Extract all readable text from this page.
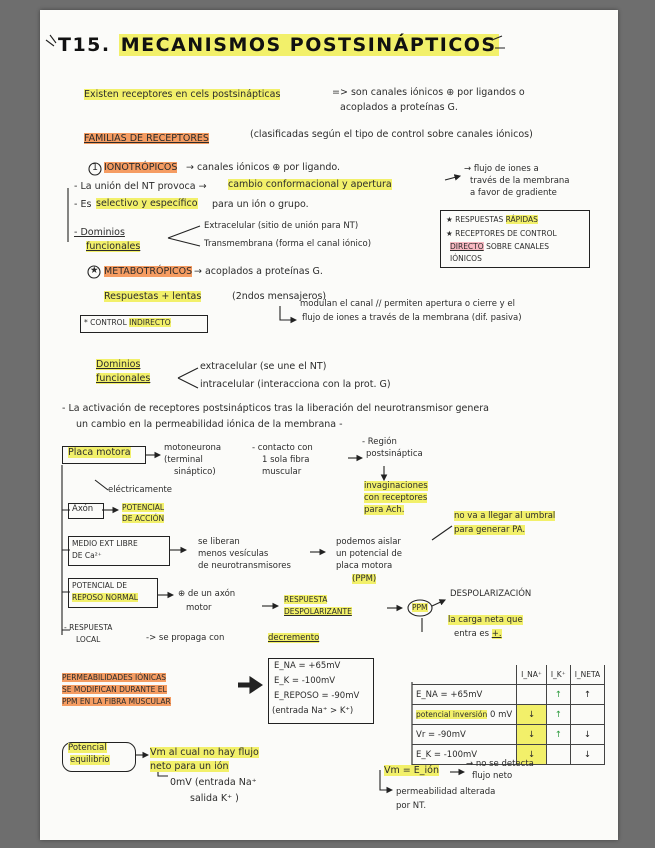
T15. MECANISMOS POSTSINÁPTICOS
Existen receptores en cels postsinápticas	=> son canales iónicos ⊕ por ligandos o
acoplados a proteínas G.
FAMILIAS DE RECEPTORES	(clasificadas según el tipo de control sobre canales iónicos)
1 IONOTRÓPICOS → canales iónicos ⊕ por ligando.
- La unión del NT provoca → cambio conformacional y apertura
→ flujo de iones a
través de la membrana
a favor de gradiente
- Es selectivo y específico para un ión o grupo.
- Dominios
funcionales
Extracelular (sitio de unión para NT)
Transmembrana (forma el canal iónico)
★ RESPUESTAS RÁPIDAS
★ RECEPTORES DE CONTROL
DIRECTO SOBRE CANALES
IÓNICOS
★ METABOTRÓPICOS → acoplados a proteínas G.
Respuestas + lentas	(2ndos mensajeros)
modulan el canal // permiten apertura o cierre y el
flujo de iones a través de la membrana (dif. pasiva)
* CONTROL INDIRECTO
Dominios
funcionales
extracelular (se une el NT)
intracelular (interacciona con la prot. G)
- La activación de receptores postsinápticos tras la liberación del neurotransmisor genera
un cambio en la permeabilidad iónica de la membrana -
Placa motora	motoneurona
(terminal
sináptico)
- contacto con
1 sola fibra
muscular
- Región
postsináptica
invaginaciones
con receptores
para Ach.
eléctricamente
Axón	POTENCIAL
DE ACCIÓN
MEDIO EXT LIBRE
DE Ca²⁺
se liberan
menos vesículas
de neurotransmisores
podemos aislar
un potencial de
placa motora
(PPM)
no va a llegar al umbral
para generar PA.
POTENCIAL DE
REPOSO NORMAL	⊕ de un axón
motor
RESPUESTA
DESPOLARIZANTE	PPM
DESPOLARIZACIÓN
la carga neta que
entra es +.
- RESPUESTA
LOCAL	-> se propaga con	decremento
PERMEABILIDADES IÓNICAS
SE MODIFICAN DURANTE EL
PPM EN LA FIBRA MUSCULAR
E_NA = +65mV
E_K = -100mV
E_REPOSO = -90mV
(entrada Na⁺ > K⁺)
	I_NA⁺	I_K⁺	I_NETA
E_NA = +65mV		↑	↑
potencial inversión 0 mV	↓	↑	
Vr = -90mV	↓	↑	↓
E_K = -100mV	↓		↓
Potencial
equilibrio
Vm al cual no hay flujo
neto para un ión
0mV (entrada Na⁺
salida K⁺ )
Vm = E_ión
→ no se detecta
flujo neto
permeabilidad alterada
por NT.
